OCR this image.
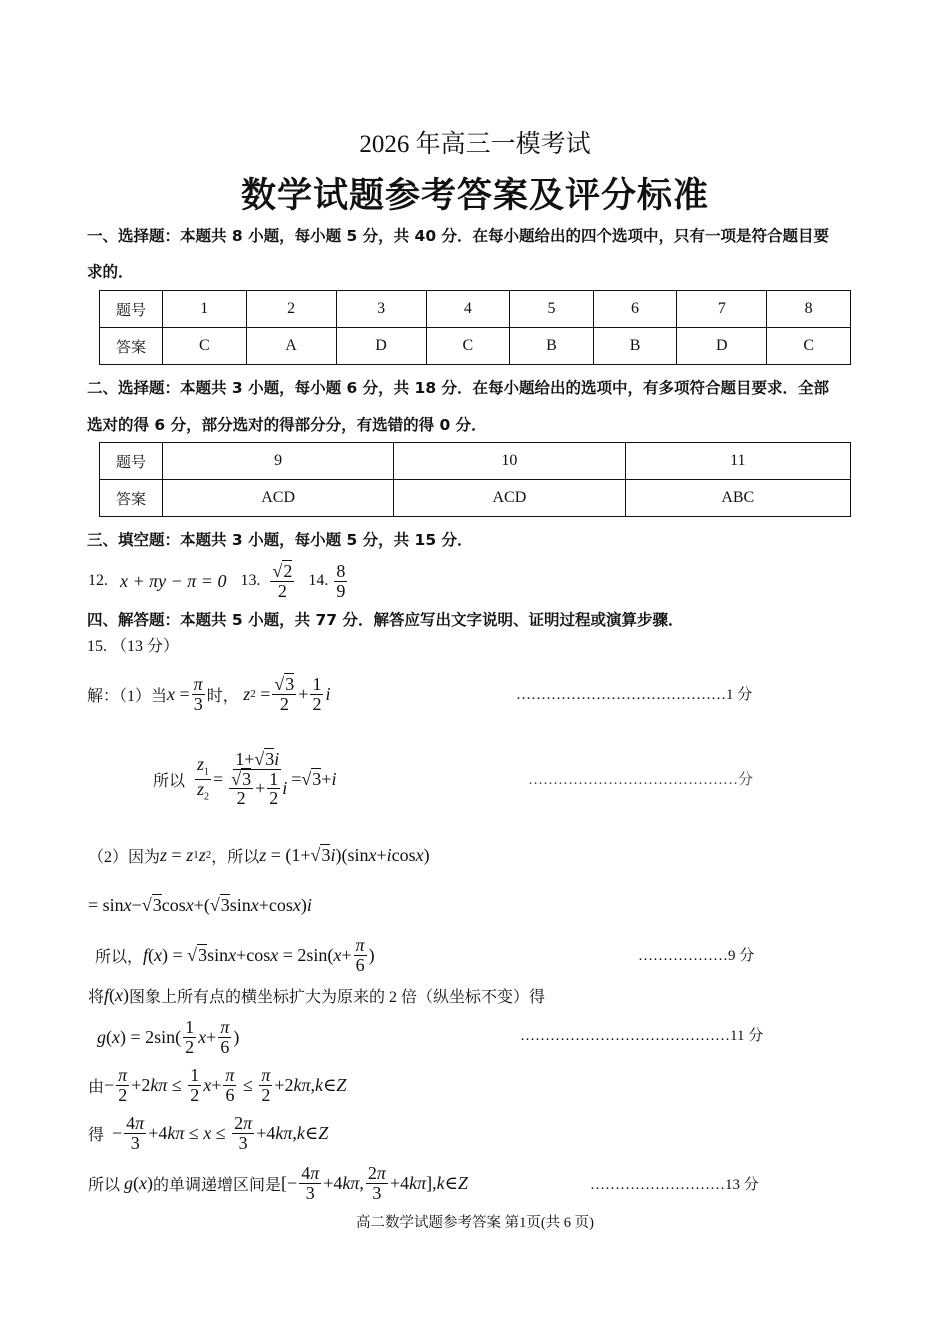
2026 年高三一模考试
数学试题参考答案及评分标准
一、选择题：本题共 8 小题，每小题 5 分，共 40 分．在每小题给出的四个选项中，只有一项是符合题目要
求的．
题号	1	2	3	4	5	6	7	8
答案	C	A	D	C	B	B	D	C
二、选择题：本题共 3 小题，每小题 6 分，共 18 分．在每小题给出的选项中，有多项符合题目要求．全部
选对的得 6 分，部分选对的得部分分，有选错的得 0 分．
题号	9	10	11
答案	ACD	ACD	ABC
三、填空题：本题共 3 小题，每小题 5 分，共 15 分．
12. x + πy − π = 0 13. $\frac{√2}{2} 14$. $\frac{8}{9}$
四、解答题：本题共 5 小题，共 77 分．解答应写出文字说明、证明过程或演算步骤．
15. （13 分）
解：（1）当 $x = \frac{\pi}{3}$ 时，
z $2 = \frac{√3}{2} + \frac{1}{2}$ i	……………………………………1 分
所以 $\frac{z_1}{z_2} = \frac{1+√3i}{\frac{√3}{2} + \frac{1}{2} i}$ =√ 3 + i	……………………………………分
（2）因为 z = z 1 z 2 ，所以 z = (1+√ 3 i )(sin x + i cos x )
= sin x −√ 3 cos x +(√ 3 sin x +cos x ) i
所以， f ( x ) = √ 3 sin x +cos x = 2sin( $x + \frac{\pi}{6}$ )	………………9 分
将 f ( x ) 图象上所有点的横坐标扩大为原来的 2 倍（纵坐标不变）得
g ( x ) = $2\sin( \frac{1}{2}$ $x + \frac{\pi}{6}$ )	……………………………………11 分
由 − $\frac{\pi}{2} +2$ $k\pi \le \frac{1}{2}$ $x + \frac{\pi}{6} \le \frac{\pi}{2} +2$ kπ , k ∈ Z
得 − $\frac{4\pi}{3} +4$ $k\pi \le x \le \frac{2\pi}{3} +4$ kπ , k ∈ Z
所以 g ( x ) 的单调递增区间是 [− $\frac{4\pi}{3} +4$ kπ , $\frac{2\pi}{3} +4$ kπ ], k ∈ Z	………………………13 分
高二数学试题参考答案 第1页(共 6 页)
